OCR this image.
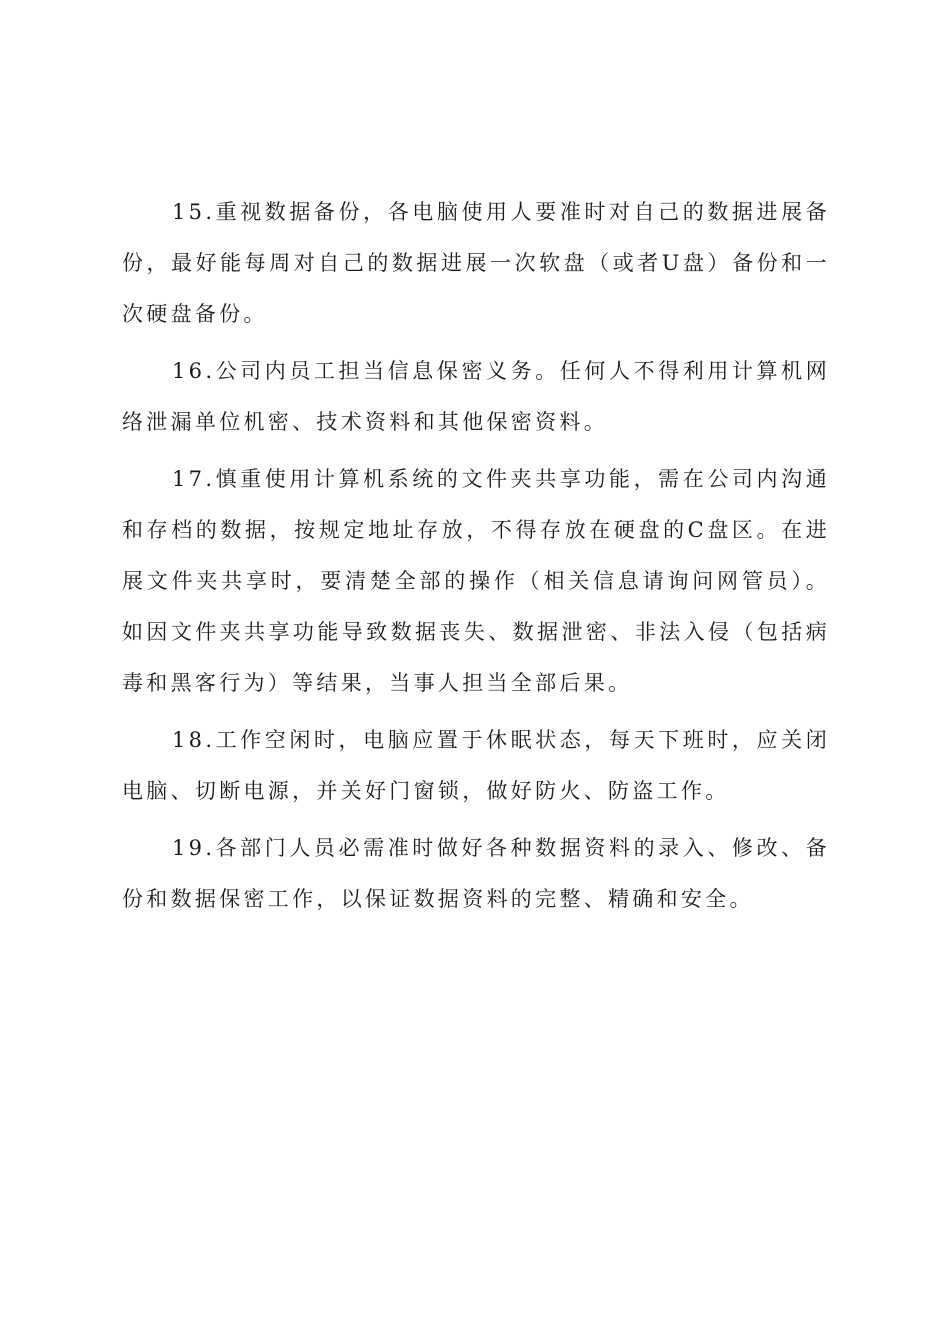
15.重视数据备份，各电脑使用人要准时对自己的数据进展备份，最好能每周对自己的数据进展一次软盘（或者U盘）备份和一次硬盘备份。

16.公司内员工担当信息保密义务。任何人不得利用计算机网络泄漏单位机密、技术资料和其他保密资料。

17.慎重使用计算机系统的文件夹共享功能，需在公司内沟通和存档的数据，按规定地址存放，不得存放在硬盘的C盘区。在进展文件夹共享时，要清楚全部的操作（相关信息请询问网管员）。如因文件夹共享功能导致数据丧失、数据泄密、非法入侵（包括病毒和黑客行为）等结果，当事人担当全部后果。

18.工作空闲时，电脑应置于休眠状态，每天下班时，应关闭电脑、切断电源，并关好门窗锁，做好防火、防盗工作。

19.各部门人员必需准时做好各种数据资料的录入、修改、备份和数据保密工作，以保证数据资料的完整、精确和安全。
